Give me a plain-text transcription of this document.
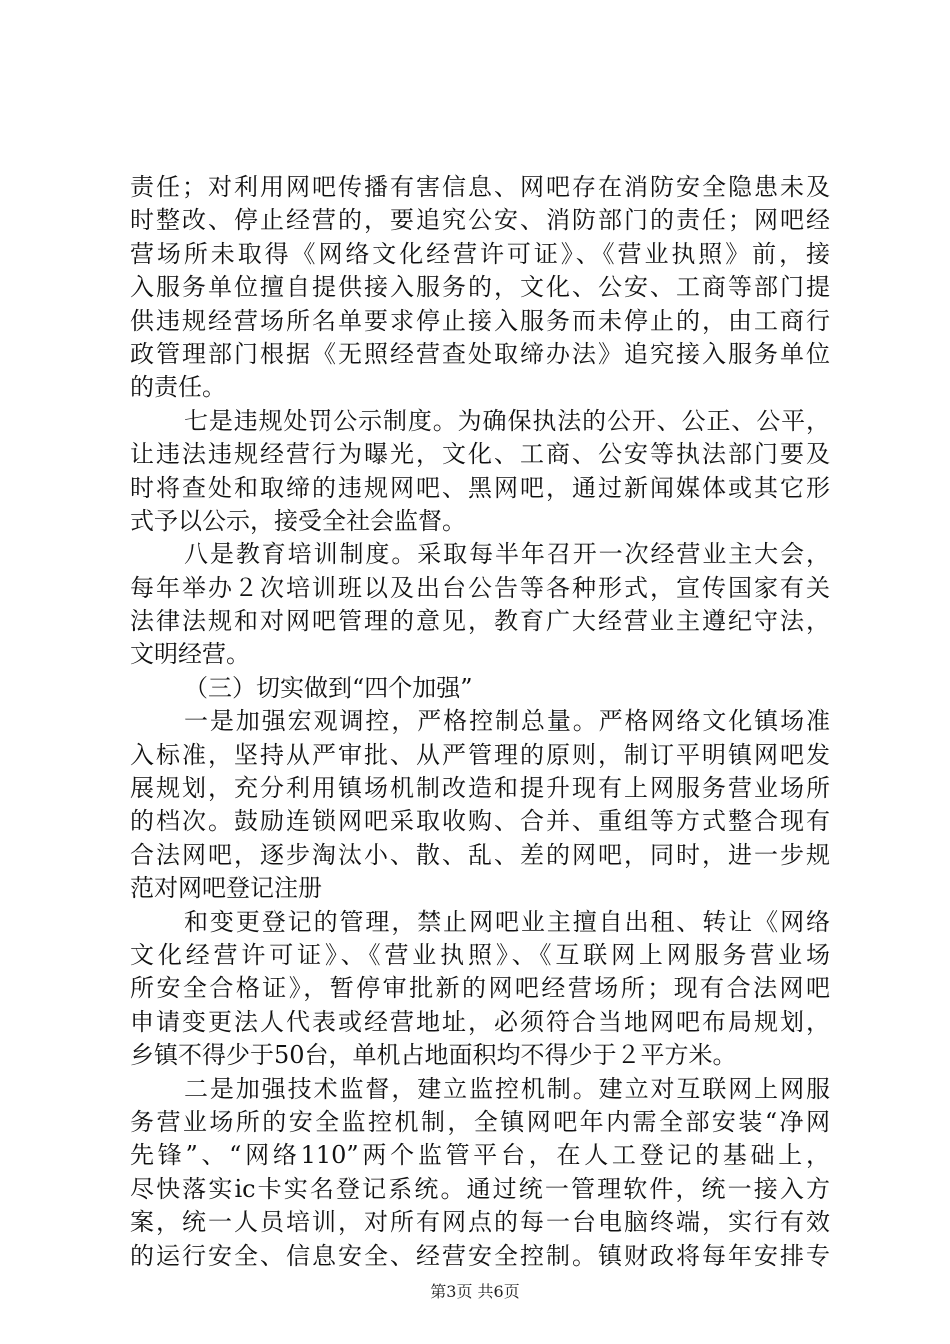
责任；对利用网吧传播有害信息、网吧存在消防安全隐患未及
时整改、停止经营的，要追究公安、消防部门的责任；网吧经
营场所未取得《网络文化经营许可证》、《营业执照》前，接
入服务单位擅自提供接入服务的，文化、公安、工商等部门提
供违规经营场所名单要求停止接入服务而未停止的，由工商行
政管理部门根据《无照经营查处取缔办法》追究接入服务单位
的责任。
七是违规处罚公示制度。为确保执法的公开、公正、公平，
让违法违规经营行为曝光，文化、工商、公安等执法部门要及
时将查处和取缔的违规网吧、黑网吧，通过新闻媒体或其它形
式予以公示，接受全社会监督。
八是教育培训制度。采取每半年召开一次经营业主大会，
每年举办２次培训班以及出台公告等各种形式，宣传国家有关
法律法规和对网吧管理的意见，教育广大经营业主遵纪守法，
文明经营。
（三）切实做到“四个加强”
一是加强宏观调控，严格控制总量。严格网络文化镇场准
入标准，坚持从严审批、从严管理的原则，制订平明镇网吧发
展规划，充分利用镇场机制改造和提升现有上网服务营业场所
的档次。鼓励连锁网吧采取收购、合并、重组等方式整合现有
合法网吧，逐步淘汰小、散、乱、差的网吧，同时，进一步规
范对网吧登记注册
和变更登记的管理，禁止网吧业主擅自出租、转让《网络
文化经营许可证》、《营业执照》、《互联网上网服务营业场
所安全合格证》，暂停审批新的网吧经营场所；现有合法网吧
申请变更法人代表或经营地址，必须符合当地网吧布局规划，
乡镇不得少于50台，单机占地面积均不得少于２平方米。
二是加强技术监督，建立监控机制。建立对互联网上网服
务营业场所的安全监控机制，全镇网吧年内需全部安装“净网
先锋”、“网络110”两个监管平台，在人工登记的基础上，
尽快落实ic卡实名登记系统。通过统一管理软件，统一接入方
案，统一人员培训，对所有网点的每一台电脑终端，实行有效
的运行安全、信息安全、经营安全控制。镇财政将每年安排专
第3页 共6页
